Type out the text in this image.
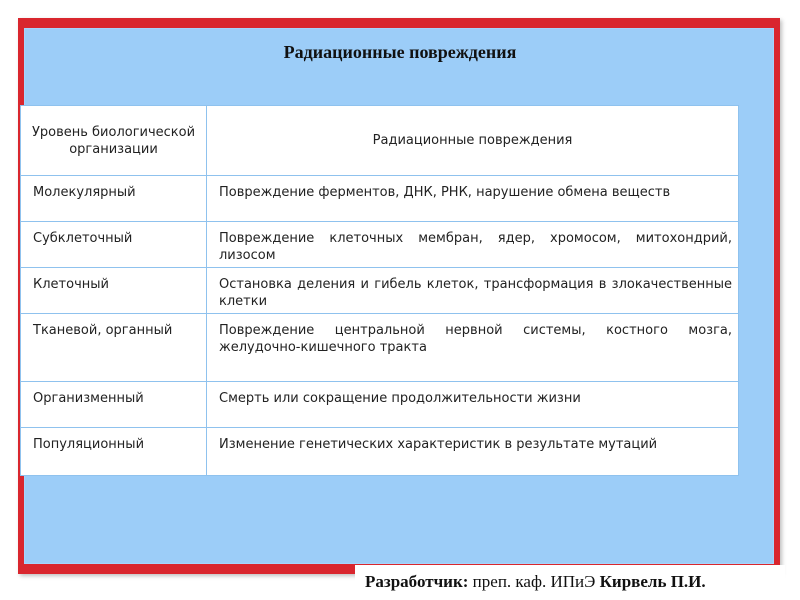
Радиационные повреждения
Уровень биологической организации	Радиационные повреждения
Молекулярный	Повреждение ферментов, ДНК, РНК, нарушение обмена веществ
Субклеточный	Повреждение клеточных мембран, ядер, хромосом, митохондрий, лизосом
Клеточный	Остановка деления и гибель клеток, трансформация в злокачественные клетки
Тканевой, органный	Повреждение центральной нервной системы, костного мозга, желудочно-кишечного тракта
Организменный	Смерть или сокращение продолжительности жизни
Популяционный	Изменение генетических характеристик в результате мутаций
Разработчик: преп. каф. ИПиЭ Кирвель П.И.
